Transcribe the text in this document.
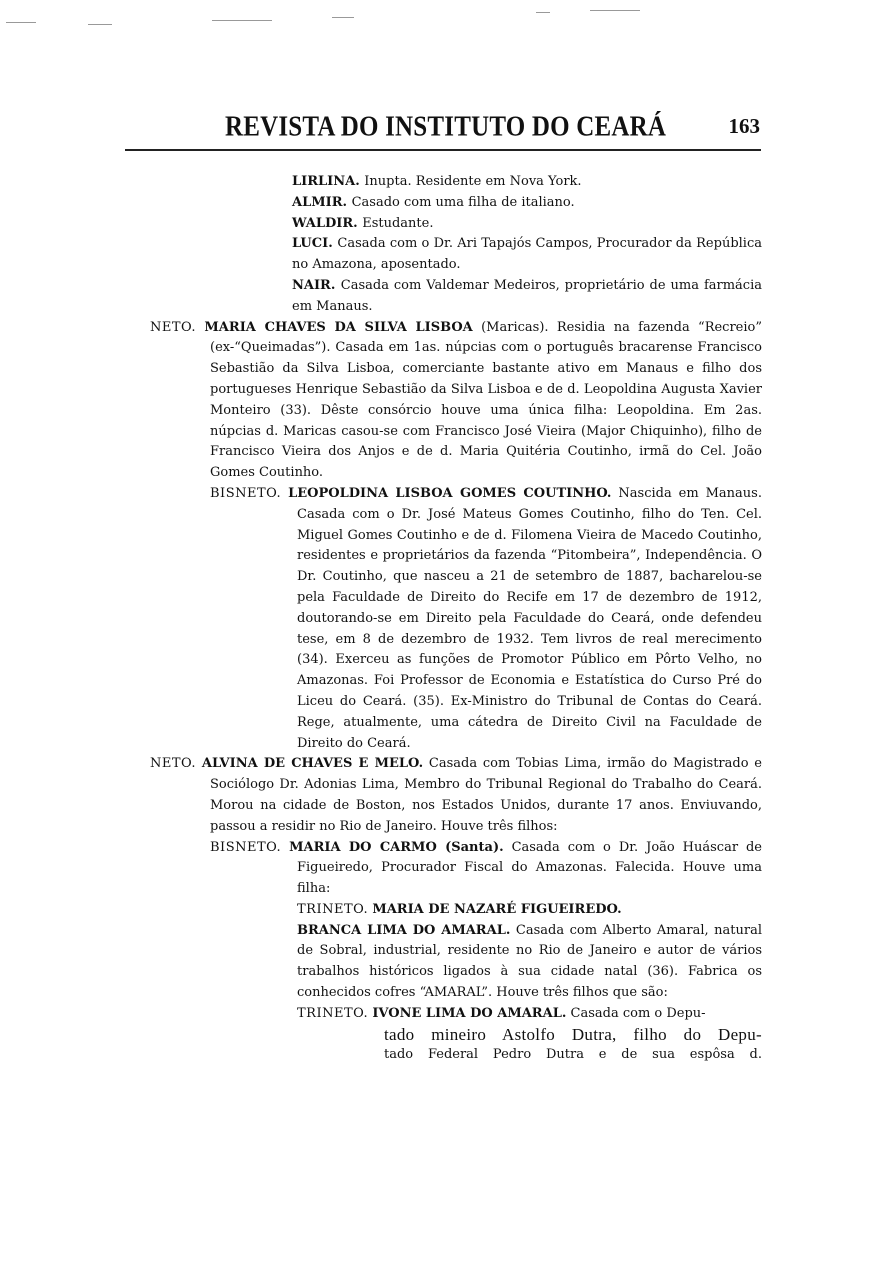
REVISTA DO INSTITUTO DO CEARÁ	163

LIRLINA. Inupta. Residente em Nova York.

ALMIR. Casado com uma filha de italiano.

WALDIR. Estudante.

LUCI. Casada com o Dr. Ari Tapajós Campos, Procurador da República no Amazona, aposentado.

NAIR. Casada com Valdemar Medeiros, proprietário de uma farmácia em Manaus.

NETO. MARIA CHAVES DA SILVA LISBOA (Maricas). Residia na fazenda “Recreio” (ex-“Queimadas”). Casada em 1as. núpcias com o português bracarense Francisco Sebastião da Silva Lisboa, comerciante bastante ativo em Manaus e filho dos portugueses Henrique Sebastião da Silva Lisboa e de d. Leopoldina Augusta Xavier Monteiro (33). Dêste consórcio houve uma única filha: Leopoldina. Em 2as. núpcias d. Maricas casou-se com Francisco José Vieira (Major Chiquinho), filho de Francisco Vieira dos Anjos e de d. Maria Quitéria Coutinho, irmã do Cel. João Gomes Coutinho.

BISNETO. LEOPOLDINA LISBOA GOMES COUTINHO. Nascida em Manaus. Casada com o Dr. José Mateus Gomes Coutinho, filho do Ten. Cel. Miguel Gomes Coutinho e de d. Filomena Vieira de Macedo Coutinho, residentes e proprietários da fazenda “Pitombeira”, Independência. O Dr. Coutinho, que nasceu a 21 de setembro de 1887, bacharelou-se pela Faculdade de Direito do Recife em 17 de dezembro de 1912, doutorando-se em Direito pela Faculdade do Ceará, onde defendeu tese, em 8 de dezembro de 1932. Tem livros de real merecimento (34). Exerceu as funções de Promotor Público em Pôrto Velho, no Amazonas. Foi Professor de Economia e Estatística do Curso Pré do Liceu do Ceará. (35). Ex-Ministro do Tribunal de Contas do Ceará. Rege, atualmente, uma cátedra de Direito Civil na Faculdade de Direito do Ceará.

NETO. ALVINA DE CHAVES E MELO. Casada com Tobias Lima, irmão do Magistrado e Sociólogo Dr. Adonias Lima, Membro do Tribunal Regional do Trabalho do Ceará. Morou na cidade de Boston, nos Estados Unidos, durante 17 anos. Enviuvando, passou a residir no Rio de Janeiro. Houve três filhos:

BISNETO. MARIA DO CARMO (Santa). Casada com o Dr. João Huáscar de Figueiredo, Procurador Fiscal do Amazonas. Falecida. Houve uma filha:

TRINETO. MARIA DE NAZARÉ FIGUEIREDO.

BRANCA LIMA DO AMARAL. Casada com Alberto Amaral, natural de Sobral, industrial, residente no Rio de Janeiro e autor de vários trabalhos históricos ligados à sua cidade natal (36). Fabrica os conhecidos cofres “AMARAL”. Houve três filhos que são:

TRINETO. IVONE LIMA DO AMARAL. Casada com o Depu-

tado mineiro Astolfo Dutra, filho do Depu-
tado Federal Pedro Dutra e de sua espôsa d.
